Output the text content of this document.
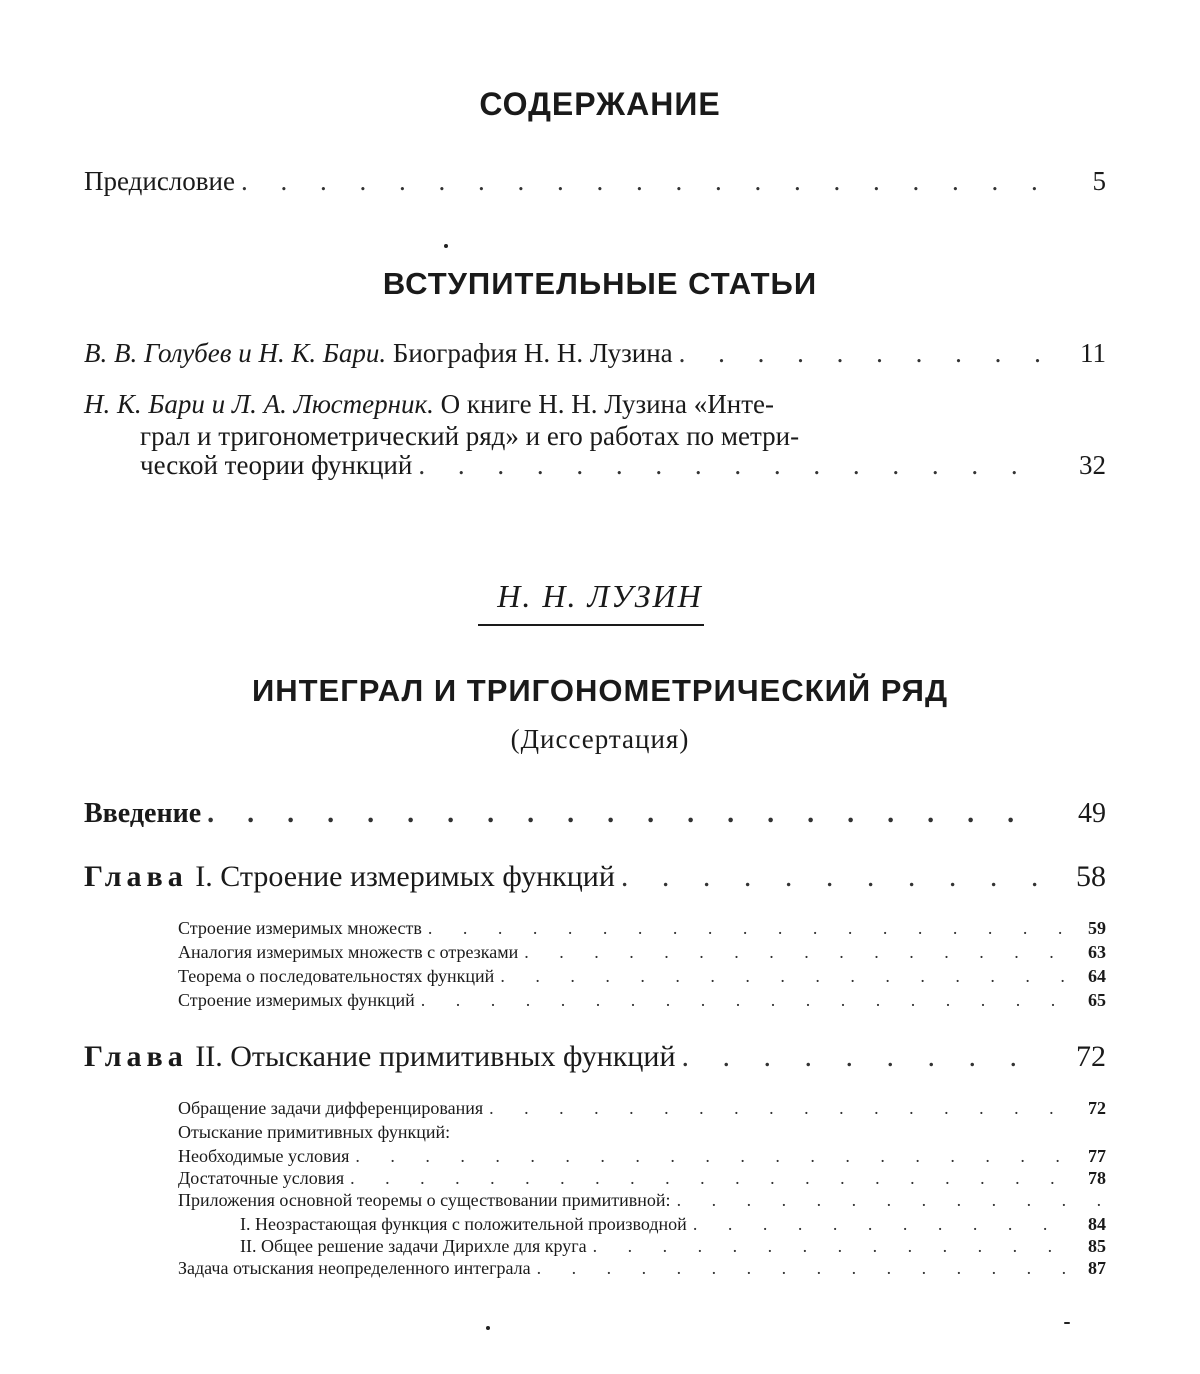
СОДЕРЖАНИЕ
Предисловие . . .	5
ВСТУПИТЕЛЬНЫЕ СТАТЬИ
В. В. Голубев и Н. К. Бари. Биография Н. Н. Лузина . . .	11
Н. К. Бари и Л. А. Люстерник. О книге Н. Н. Лузина «Инте-
грал и тригонометрический ряд» и его работах по метри-
ческой теории функций . . .	32
Н. Н. ЛУЗИН
ИНТЕГРАЛ И ТРИГОНОМЕТРИЧЕСКИЙ РЯД
(Диссертация)
Введение . . .	49
Глава I. Строение измеримых функций . . .	58
Строение измеримых множеств . . .	59
Аналогия измеримых множеств с отрезками . . .	63
Теорема о последовательностях функций . . .	64
Строение измеримых функций . . .	65
Глава II. Отыскание примитивных функций . . .	72
Обращение задачи дифференцирования . . .	72
Отыскание примитивных функций:
Необходимые условия . . .	77
Достаточные условия . . .	78
Приложения основной теоремы о существовании примитивной:
. . .
I. Неозрастающая функция с положительной производной . . .	84
II. Общее решение задачи Дирихле для круга . . .	85
Задача отыскания неопределенного интеграла . . .	87
